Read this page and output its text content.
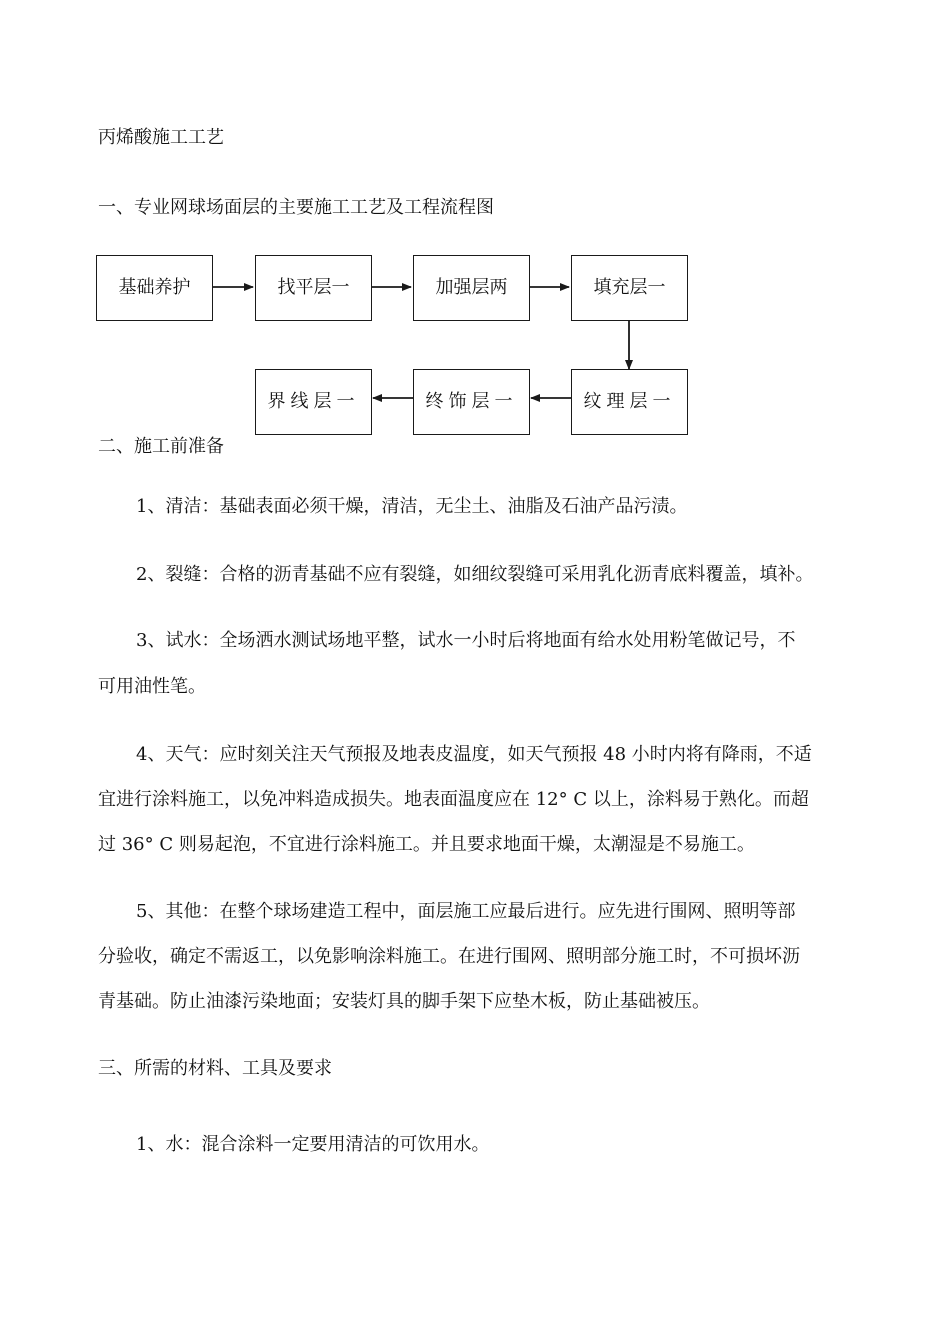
丙烯酸施工工艺
一、专业网球场面层的主要施工工艺及工程流程图
基础养护	找平层一	加强层两	填充层一
纹理层一
终饰层一
界线层一
二、施工前准备
1、清洁：基础表面必须干燥，清洁，无尘土、油脂及石油产品污渍。
2、裂缝：合格的沥青基础不应有裂缝，如细纹裂缝可采用乳化沥青底料覆盖，填补。
3、试水：全场洒水测试场地平整，试水一小时后将地面有给水处用粉笔做记号，不
可用油性笔。
4、天气：应时刻关注天气预报及地表皮温度，如天气预报 48 小时内将有降雨，不适
宜进行涂料施工，以免冲料造成损失。地表面温度应在 12° C 以上，涂料易于熟化。而超
过 36° C 则易起泡，不宜进行涂料施工。并且要求地面干燥，太潮湿是不易施工。
5、其他：在整个球场建造工程中，面层施工应最后进行。应先进行围网、照明等部
分验收，确定不需返工，以免影响涂料施工。在进行围网、照明部分施工时，不可损坏沥
青基础。防止油漆污染地面；安装灯具的脚手架下应垫木板，防止基础被压。
三、所需的材料、工具及要求
1、水：混合涂料一定要用清洁的可饮用水。
